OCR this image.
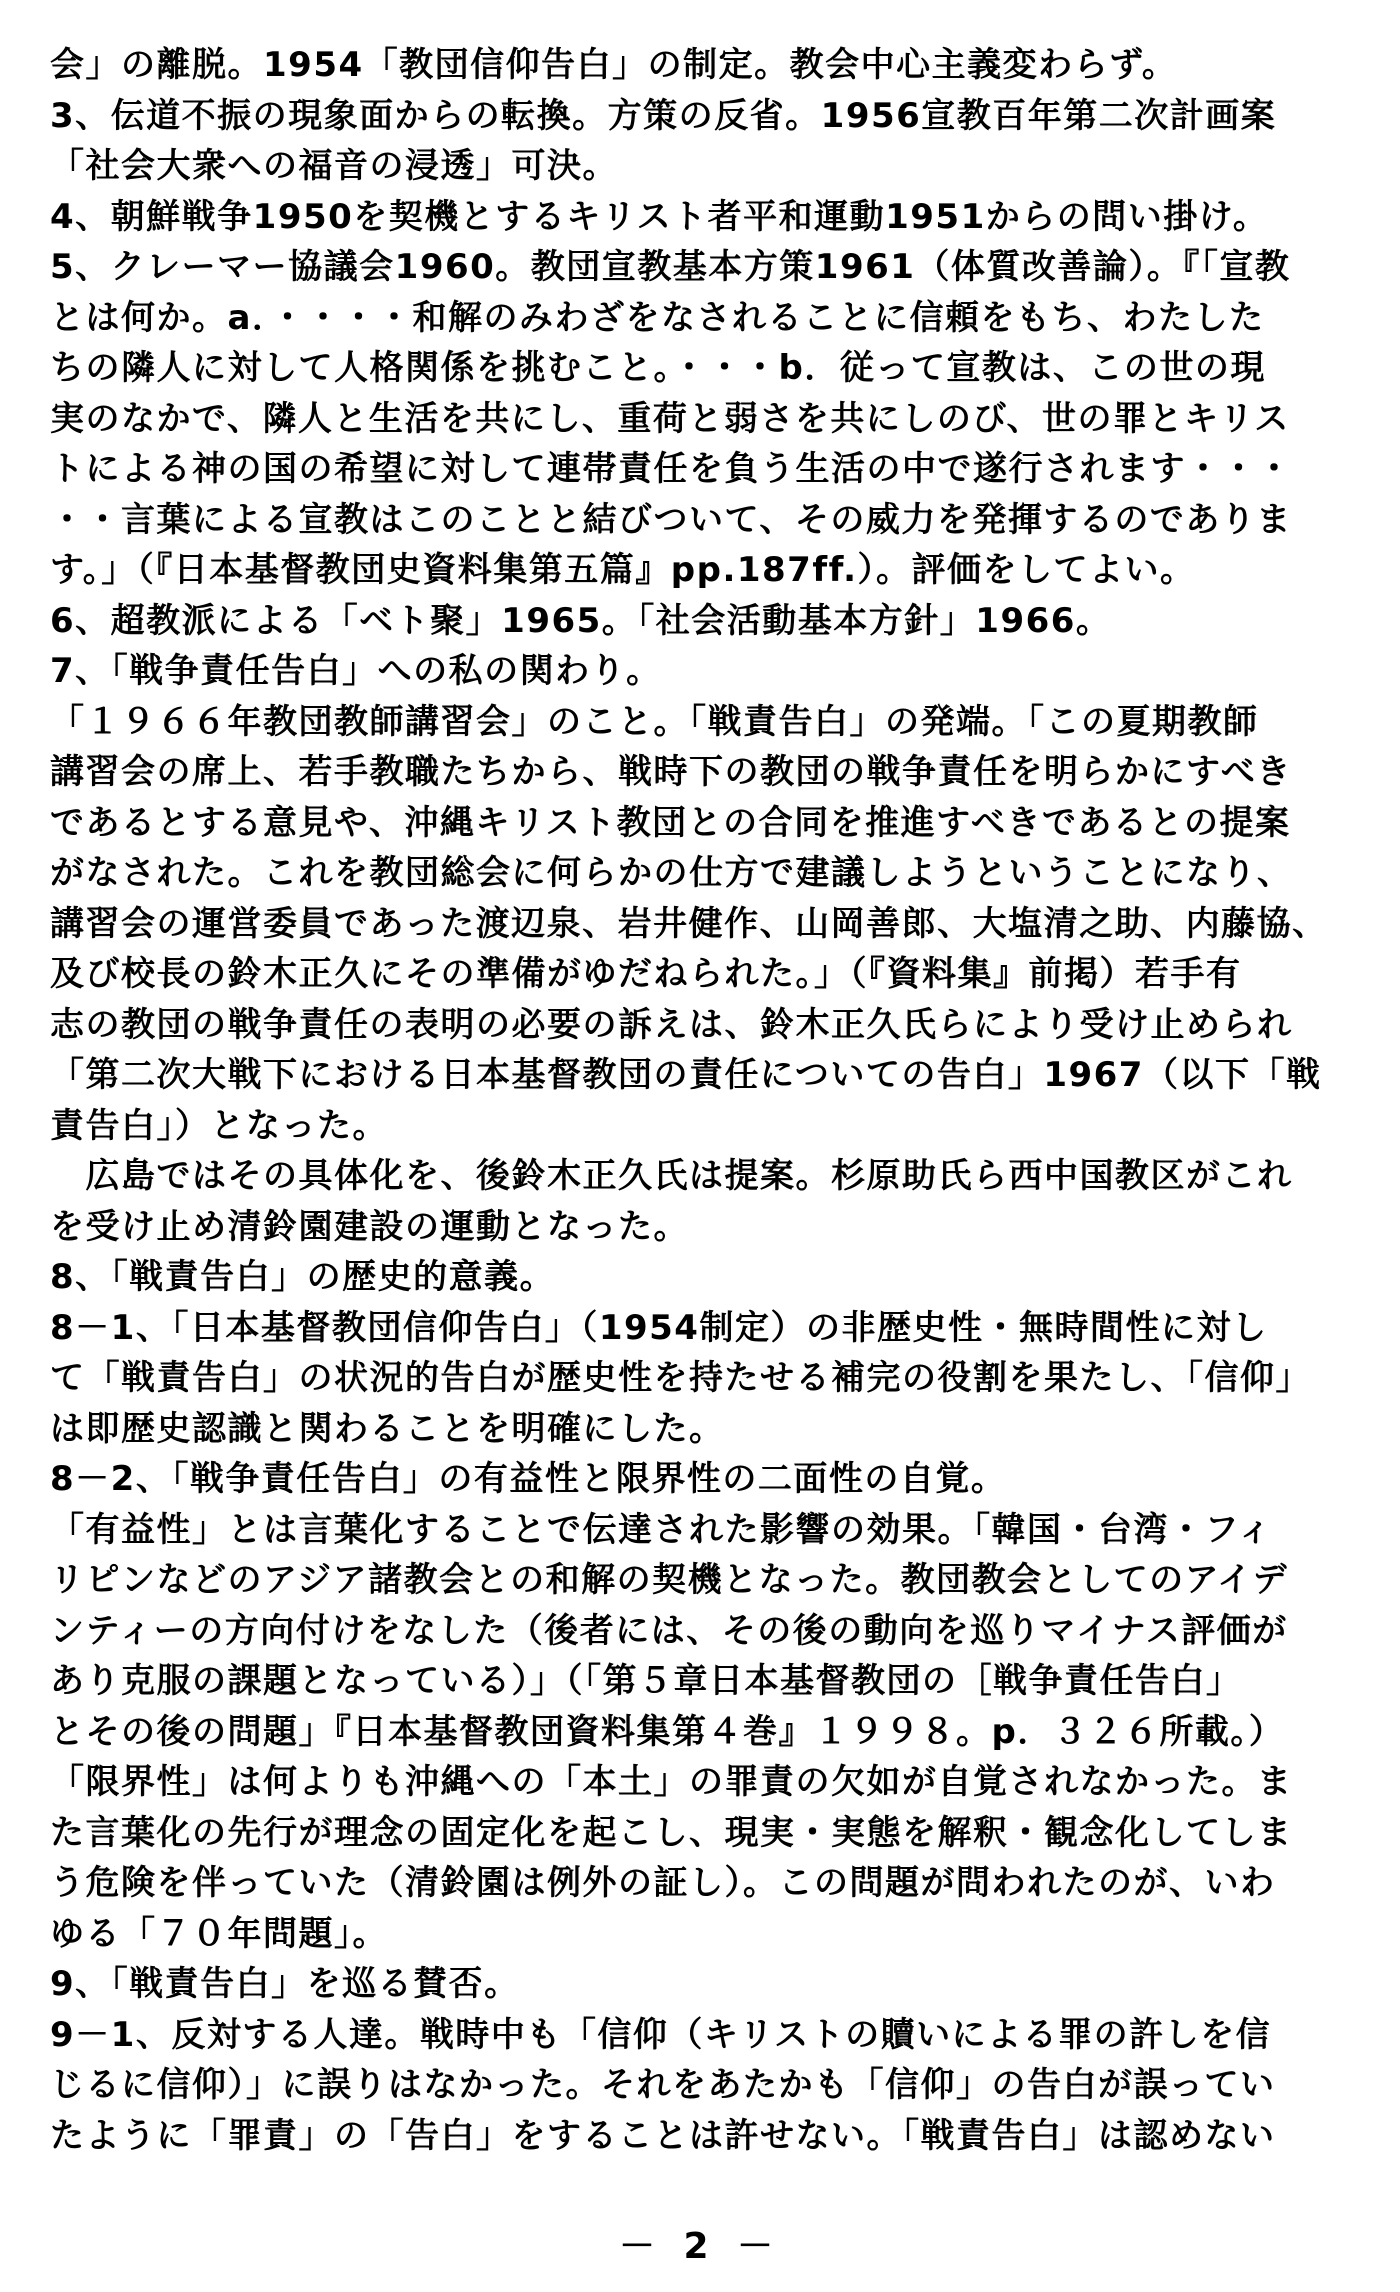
会」の離脱。1954「教団信仰告白」の制定。教会中心主義変わらず。
3、伝道不振の現象面からの転換。方策の反省。1956宣教百年第二次計画案
「社会大衆への福音の浸透」可決。
4、朝鮮戦争1950を契機とするキリスト者平和運動1951からの問い掛け。
5、クレーマー協議会1960。教団宣教基本方策1961（体質改善論）。『「宣教
とは何か。a．・・・・和解のみわざをなされることに信頼をもち、わたした
ちの隣人に対して人格関係を挑むこと。・・・b．従って宣教は、この世の現
実のなかで、隣人と生活を共にし、重荷と弱さを共にしのび、世の罪とキリス
トによる神の国の希望に対して連帯責任を負う生活の中で遂行されます・・・
・・言葉による宣教はこのことと結びついて、その威力を発揮するのでありま
す。」（『日本基督教団史資料集第五篇』pp.187ff.）。評価をしてよい。
6、超教派による「ベト聚」1965。「社会活動基本方針」1966。
7、「戦争責任告白」への私の関わり。
「１９６６年教団教師講習会」のこと。「戦責告白」の発端。「この夏期教師
講習会の席上、若手教職たちから、戦時下の教団の戦争責任を明らかにすべき
であるとする意見や、沖縄キリスト教団との合同を推進すべきであるとの提案
がなされた。これを教団総会に何らかの仕方で建議しようということになり、
講習会の運営委員であった渡辺泉、岩井健作、山岡善郎、大塩清之助、内藤協、
及び校長の鈴木正久にその準備がゆだねられた。」（『資料集』前掲）若手有
志の教団の戦争責任の表明の必要の訴えは、鈴木正久氏らにより受け止められ
「第二次大戦下における日本基督教団の責任についての告白」1967（以下「戦
責告白」）となった。
　広島ではその具体化を、後鈴木正久氏は提案。杉原助氏ら西中国教区がこれ
を受け止め清鈴園建設の運動となった。
8、「戦責告白」の歴史的意義。
8－1、「日本基督教団信仰告白」（1954制定）の非歴史性・無時間性に対し
て「戦責告白」の状況的告白が歴史性を持たせる補完の役割を果たし、「信仰」
は即歴史認識と関わることを明確にした。
8－2、「戦争責任告白」の有益性と限界性の二面性の自覚。
「有益性」とは言葉化することで伝達された影響の効果。「韓国・台湾・フィ
リピンなどのアジア諸教会との和解の契機となった。教団教会としてのアイデ
ンティーの方向付けをなした（後者には、その後の動向を巡りマイナス評価が
あり克服の課題となっている）」（「第５章日本基督教団の［戦争責任告白」
とその後の問題」『日本基督教団資料集第４巻』１９９８。p．３２６所載。）
「限界性」は何よりも沖縄への「本土」の罪責の欠如が自覚されなかった。ま
た言葉化の先行が理念の固定化を起こし、現実・実態を解釈・観念化してしま
う危険を伴っていた（清鈴園は例外の証し）。この問題が問われたのが、いわ
ゆる「７０年問題」。
9、「戦責告白」を巡る賛否。
9－1、反対する人達。戦時中も「信仰（キリストの贖いによる罪の許しを信
じるに信仰）」に誤りはなかった。それをあたかも「信仰」の告白が誤ってい
たように「罪責」の「告白」をすることは許せない。「戦責告白」は認めない
－ 2 －
